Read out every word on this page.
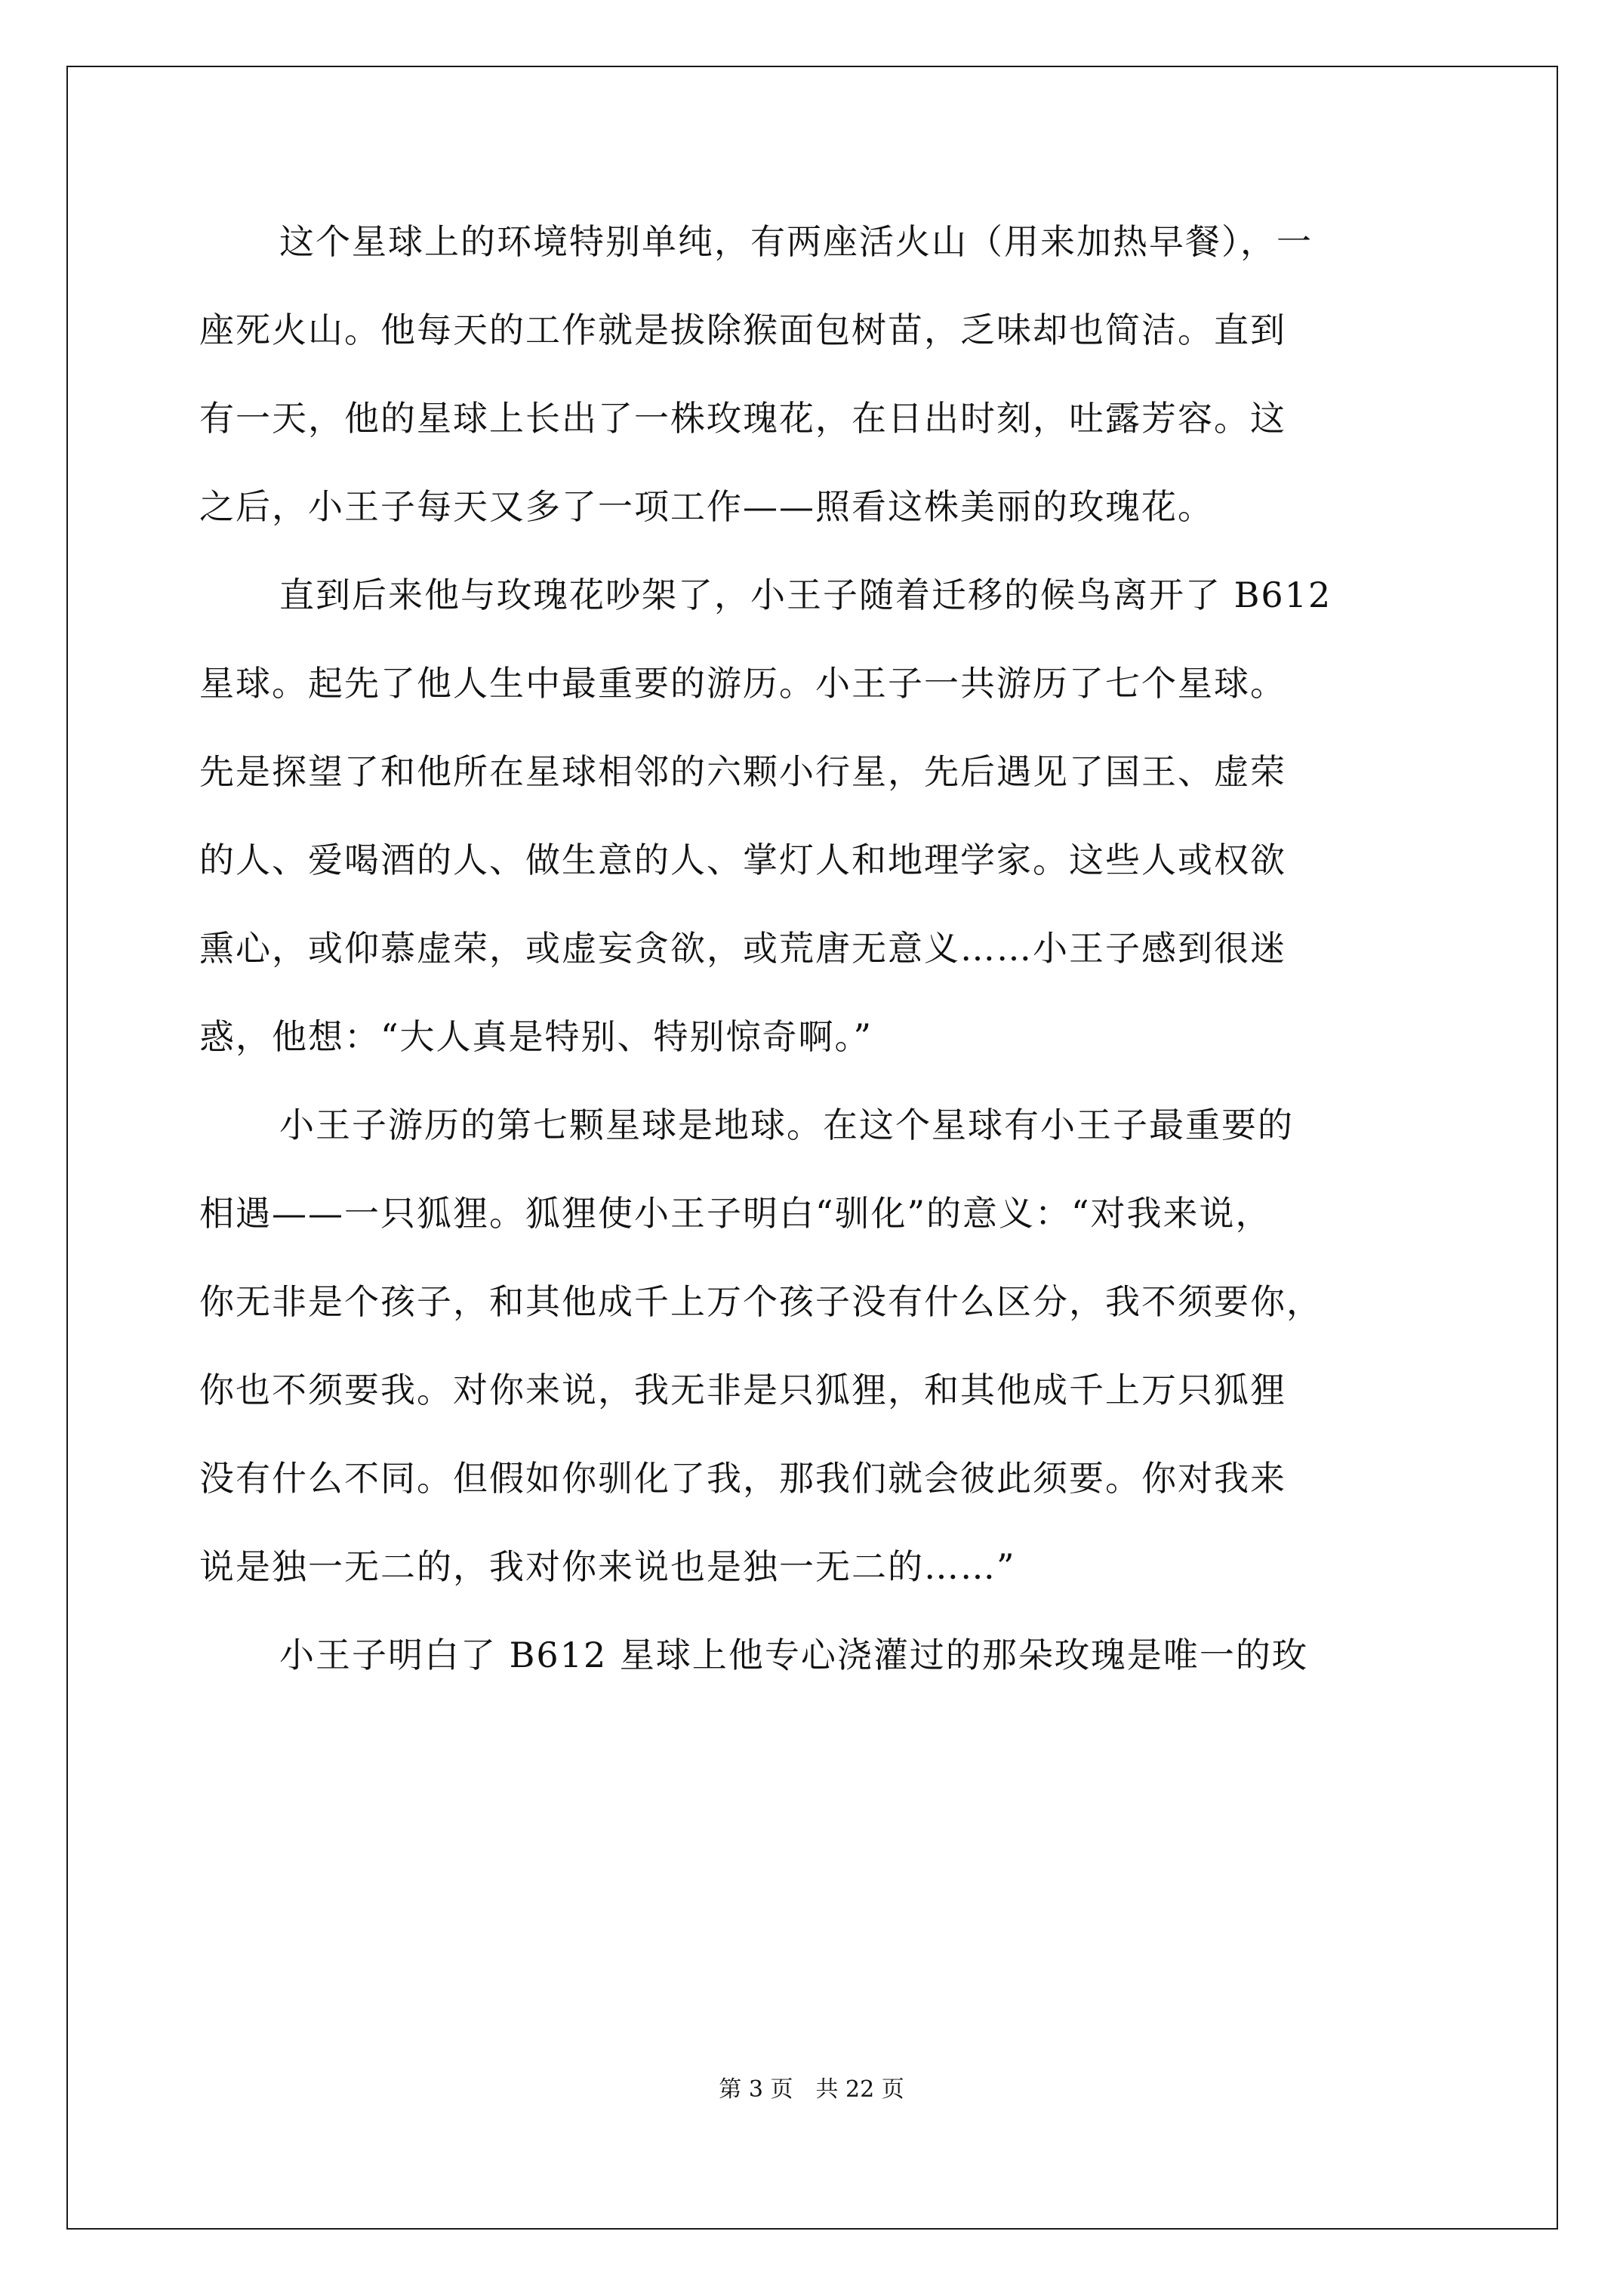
这个星球上的环境特别单纯，有两座活火山（用来加热早餐），一
座死火山。他每天的工作就是拔除猴面包树苗，乏味却也简洁。直到
有一天，他的星球上长出了一株玫瑰花，在日出时刻，吐露芳容。这
之后，小王子每天又多了一项工作——照看这株美丽的玫瑰花。
直到后来他与玫瑰花吵架了，小王子随着迁移的候鸟离开了 B612
星球。起先了他人生中最重要的游历。小王子一共游历了七个星球。
先是探望了和他所在星球相邻的六颗小行星，先后遇见了国王、虚荣
的人、爱喝酒的人、做生意的人、掌灯人和地理学家。这些人或权欲
熏心，或仰慕虚荣，或虚妄贪欲，或荒唐无意义……小王子感到很迷
惑，他想：“大人真是特别、特别惊奇啊。”
小王子游历的第七颗星球是地球。在这个星球有小王子最重要的
相遇——一只狐狸。狐狸使小王子明白“驯化”的意义：“对我来说，
你无非是个孩子，和其他成千上万个孩子没有什么区分，我不须要你，
你也不须要我。对你来说，我无非是只狐狸，和其他成千上万只狐狸
没有什么不同。但假如你驯化了我，那我们就会彼此须要。你对我来
说是独一无二的，我对你来说也是独一无二的……”
小王子明白了 B612 星球上他专心浇灌过的那朵玫瑰是唯一的玫
第 3 页 共 22 页
